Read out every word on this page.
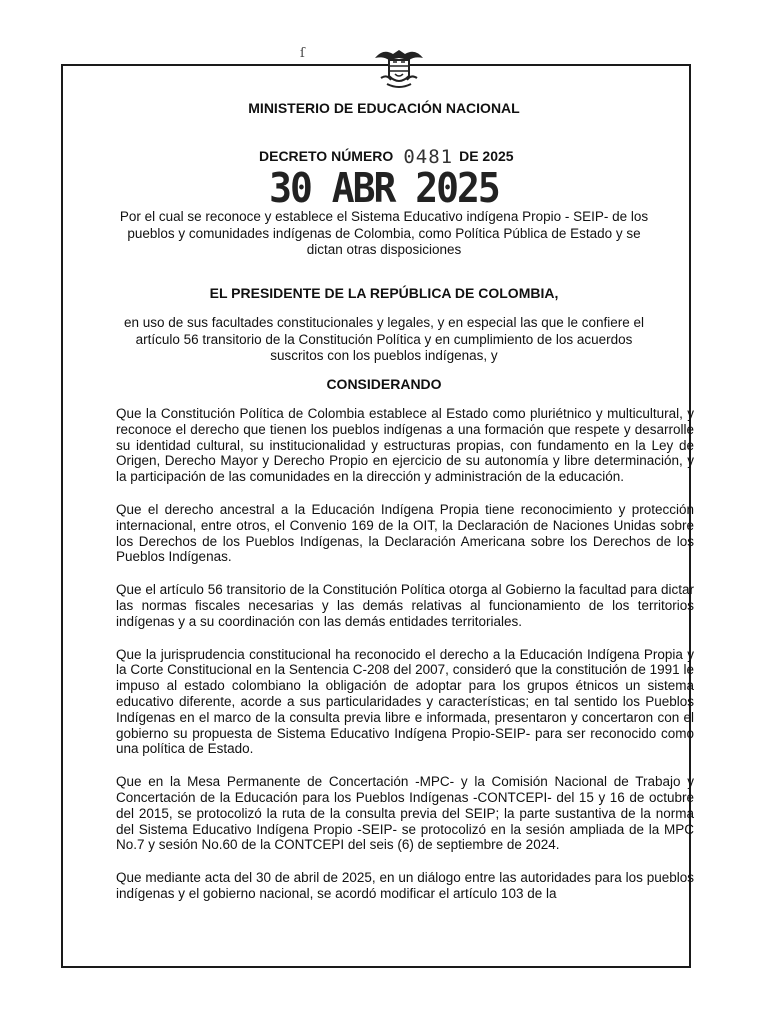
ſ
MINISTERIO DE EDUCACIÓN NACIONAL
DECRETO NÚMERO 0481 DE 2025
30 ABR 2025
Por el cual se reconoce y establece el Sistema Educativo indígena Propio - SEIP- de los pueblos y comunidades indígenas de Colombia, como Política Pública de Estado y se dictan otras disposiciones
EL PRESIDENTE DE LA REPÚBLICA DE COLOMBIA,
en uso de sus facultades constitucionales y legales, y en especial las que le confiere el artículo 56 transitorio de la Constitución Política y en cumplimiento de los acuerdos suscritos con los pueblos indígenas, y
CONSIDERANDO

Que la Constitución Política de Colombia establece al Estado como pluriétnico y multicultural, y reconoce el derecho que tienen los pueblos indígenas a una formación que respete y desarrolle su identidad cultural, su institucionalidad y estructuras propias, con fundamento en la Ley de Origen, Derecho Mayor y Derecho Propio en ejercicio de su autonomía y libre determinación, y la participación de las comunidades en la dirección y administración de la educación.

Que el derecho ancestral a la Educación Indígena Propia tiene reconocimiento y protección internacional, entre otros, el Convenio 169 de la OIT, la Declaración de Naciones Unidas sobre los Derechos de los Pueblos Indígenas, la Declaración Americana sobre los Derechos de los Pueblos Indígenas.

Que el artículo 56 transitorio de la Constitución Política otorga al Gobierno la facultad para dictar las normas fiscales necesarias y las demás relativas al funcionamiento de los territorios indígenas y a su coordinación con las demás entidades territoriales.

Que la jurisprudencia constitucional ha reconocido el derecho a la Educación Indígena Propia y la Corte Constitucional en la Sentencia C-208 del 2007, consideró que la constitución de 1991 le impuso al estado colombiano la obligación de adoptar para los grupos étnicos un sistema educativo diferente, acorde a sus particularidades y características; en tal sentido los Pueblos Indígenas en el marco de la consulta previa libre e informada, presentaron y concertaron con el gobierno su propuesta de Sistema Educativo Indígena Propio-SEIP- para ser reconocido como una política de Estado.

Que en la Mesa Permanente de Concertación -MPC- y la Comisión Nacional de Trabajo y Concertación de la Educación para los Pueblos Indígenas -CONTCEPI- del 15 y 16 de octubre del 2015, se protocolizó la ruta de la consulta previa del SEIP; la parte sustantiva de la norma del Sistema Educativo Indígena Propio -SEIP- se protocolizó en la sesión ampliada de la MPC No.7 y sesión No.60 de la CONTCEPI del seis (6) de septiembre de 2024.

Que mediante acta del 30 de abril de 2025, en un diálogo entre las autoridades para los pueblos indígenas y el gobierno nacional, se acordó modificar el artículo 103 de la
